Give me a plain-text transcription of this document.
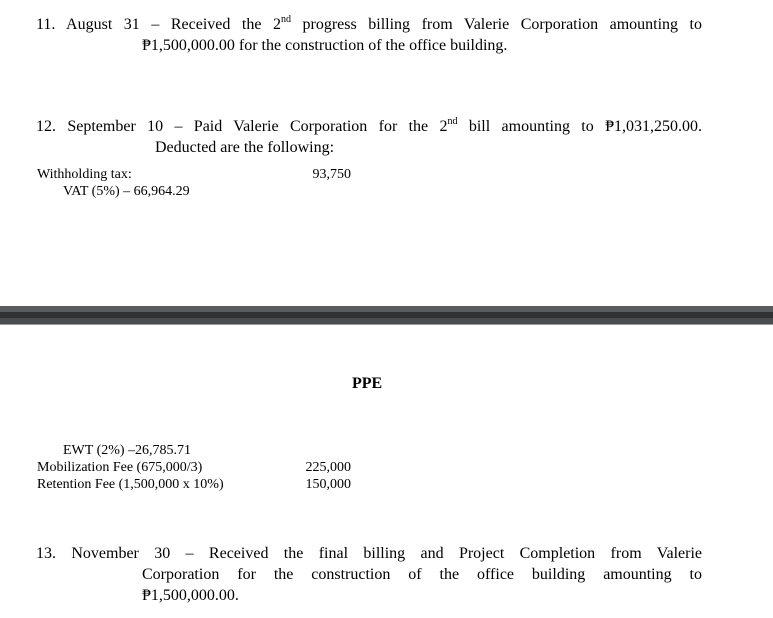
11. August 31 – Received the 2nd progress billing from Valerie Corporation amounting to
₱1,500,000.00 for the construction of the office building.
12. September 10 – Paid Valerie Corporation for the 2nd bill amounting to ₱1,031,250.00.
Deducted are the following:
Withholding tax:	93,750
VAT (5%) – 66,964.29
PPE
EWT (2%) –26,785.71
Mobilization Fee (675,000/3)	225,000
Retention Fee (1,500,000 x 10%)	150,000
13. November 30 – Received the final billing and Project Completion from Valerie
Corporation for the construction of the office building amounting to
₱1,500,000.00.
